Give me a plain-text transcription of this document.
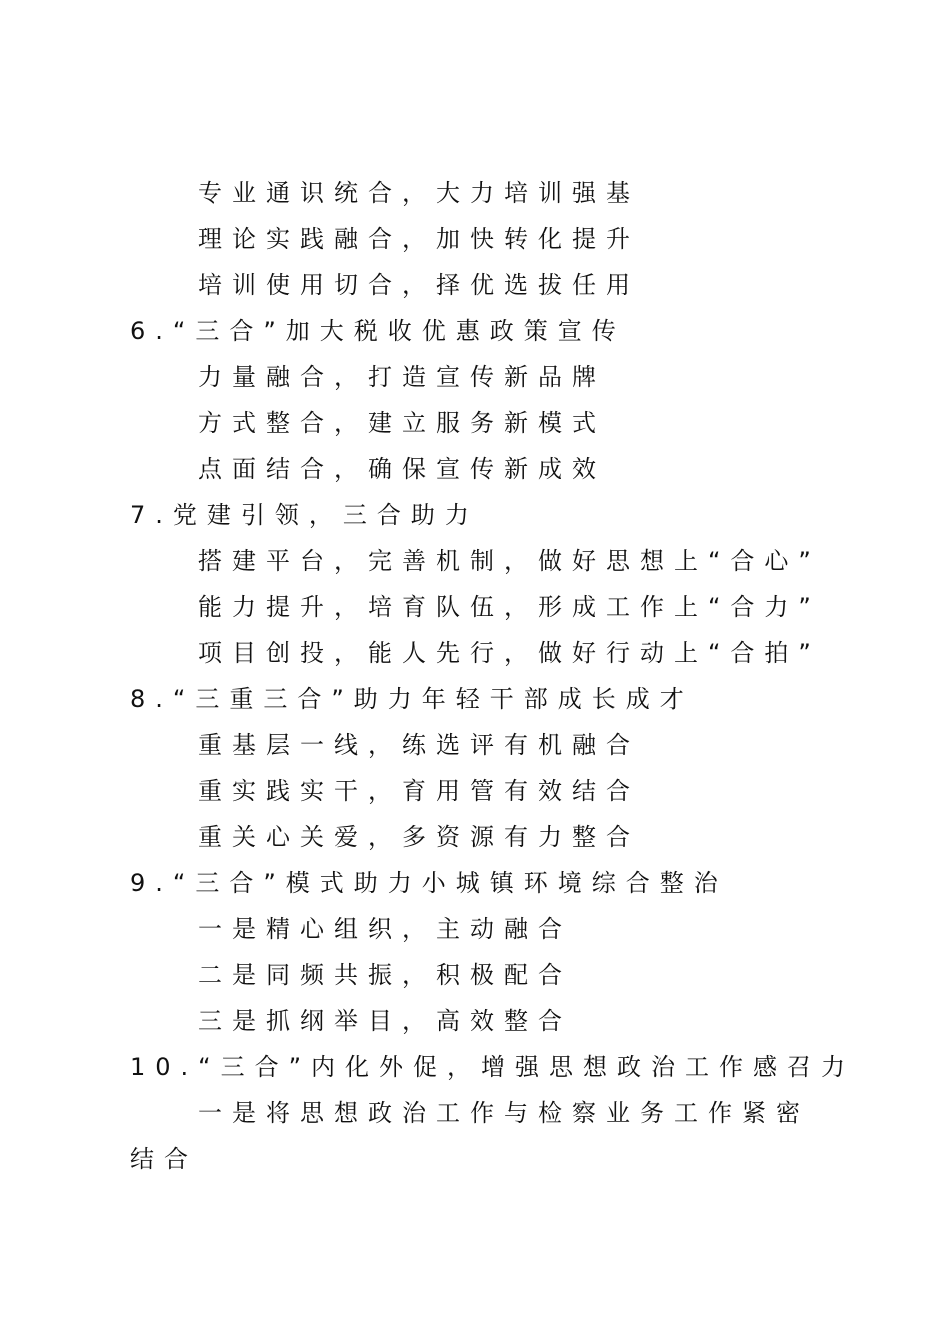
专业通识统合，大力培训强基
理论实践融合，加快转化提升
培训使用切合，择优选拔任用
6.“三合”加大税收优惠政策宣传
力量融合，打造宣传新品牌
方式整合，建立服务新模式
点面结合，确保宣传新成效
7.党建引领，三合助力
搭建平台，完善机制，做好思想上“合心”
能力提升，培育队伍，形成工作上“合力”
项目创投，能人先行，做好行动上“合拍”
8.“三重三合”助力年轻干部成长成才
重基层一线，练选评有机融合
重实践实干，育用管有效结合
重关心关爱，多资源有力整合
9.“三合”模式助力小城镇环境综合整治
一是精心组织，主动融合
二是同频共振，积极配合
三是抓纲举目，高效整合
10.“三合”内化外促，增强思想政治工作感召力
一是将思想政治工作与检察业务工作紧密结合
